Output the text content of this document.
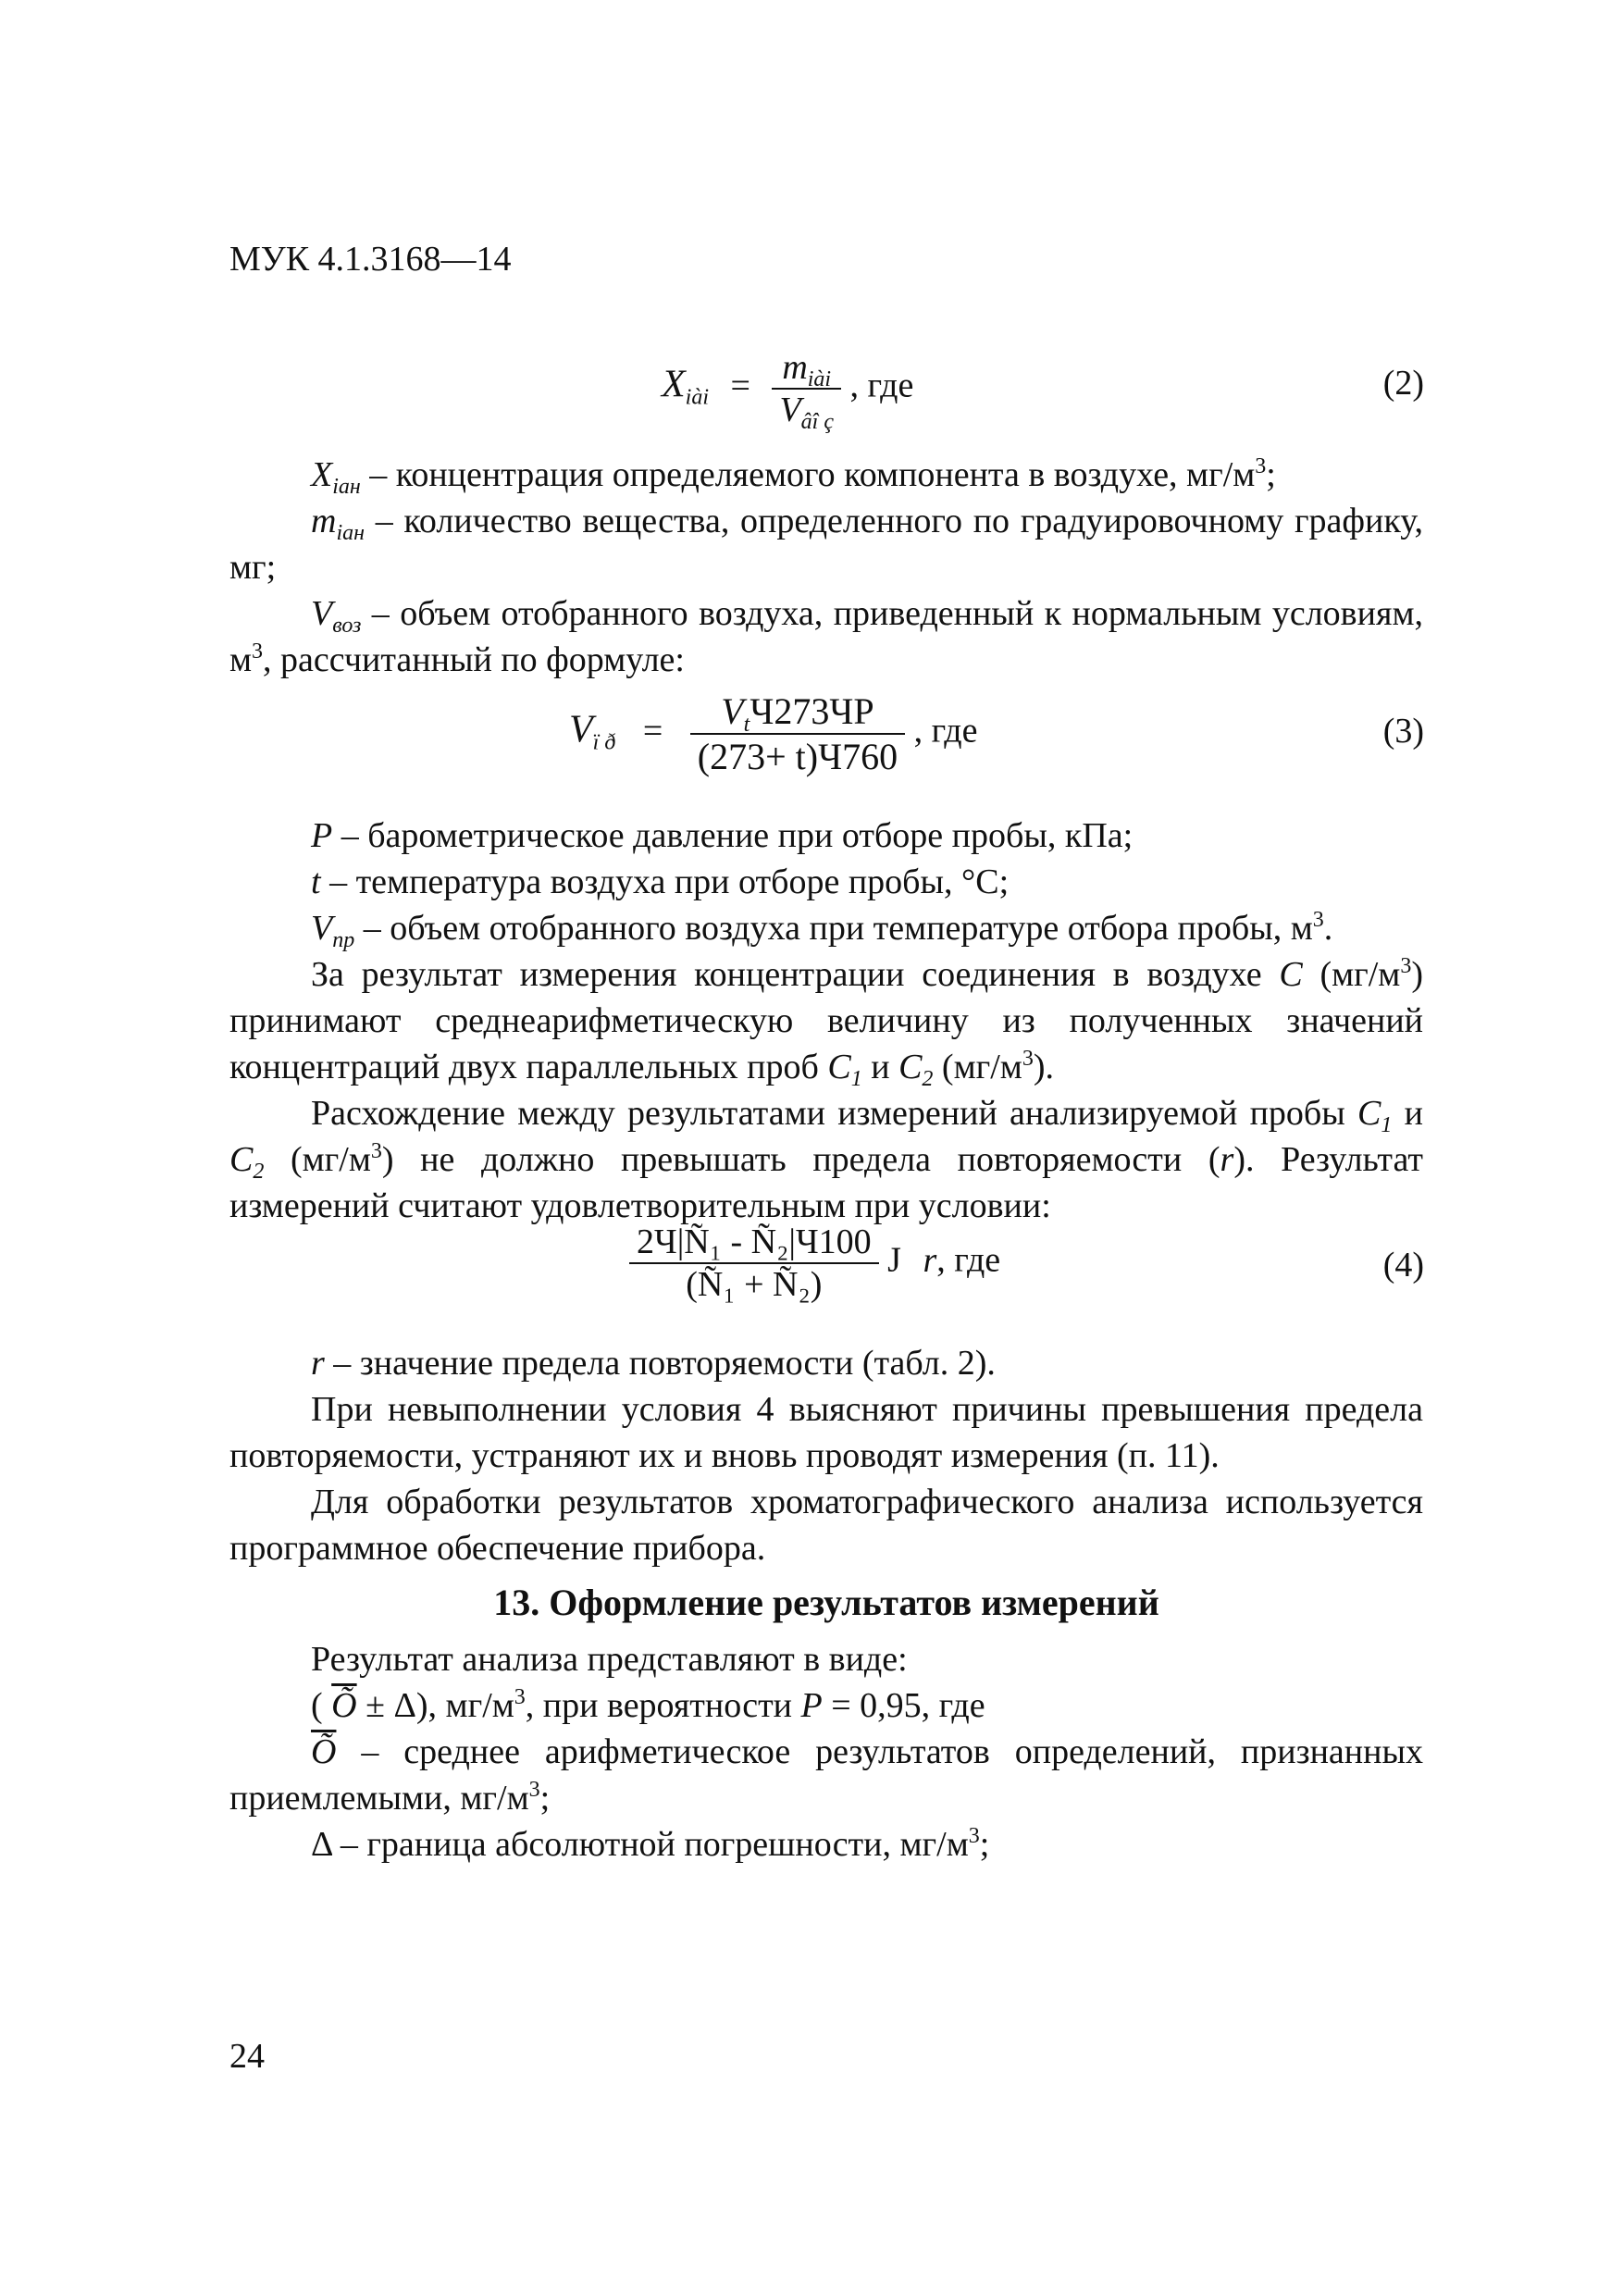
МУК 4.1.3168—14
$X_{iài} = \frac{m_{iài}}{V_{âî ç}}$ , где	(2)
$X_{іан}$ – концентрация определяемого компонента в воздухе, $мг/м^3$;
$m_{іан}$ – количество вещества, определенного по градуировочному графику, мг;
$V_{воз}$ – объем отобранного воздуха, приведенный к нормальным условиям, $м^3$, рассчитанный по формуле:
$V_{ï ð} = \frac{V_tЧ273ЧP}{(273+ t)Ч760}$ , где	(3)
P – барометрическое давление при отборе пробы, кПа;
t – температура воздуха при отборе пробы, °С;
$V_{пр}$ – объем отобранного воздуха при температуре отбора пробы, $м^3$.
За результат измерения концентрации соединения в воздухе C $(мг/м^3)$ принимают среднеарифметическую величину из полученных значений концентраций двух параллельных проб $C_1$ и $C_2$ $(мг/м^3)$.
Расхождение между результатами измерений анализируемой пробы $C_1$ и $C_2$ $(мг/м^3)$ не должно превышать предела повторяемости (r). Результат измерений считают удовлетворительным при условии:
$\frac{\text{2Ч|Ñ₁ - Ñ₂|Ч100}}{\text{(Ñ₁ + Ñ₂)}}$ J r, где	(4)
r – значение предела повторяемости (табл. 2).
При невыполнении условия 4 выясняют причины превышения предела повторяемости, устраняют их и вновь проводят измерения (п. 11).
Для обработки результатов хроматографического анализа используется программное обеспечение прибора.
13. Оформление результатов измерений
Результат анализа представляют в виде:
( $\overline{Õ} \pm \Delta$), $мг/м^3$, при вероятности P = 0,95, где
$\overline{Õ}$ – среднее арифметическое результатов определений, признанных приемлемыми, $мг/м^3$;
Δ – граница абсолютной погрешности, $мг/м^3$;
24
